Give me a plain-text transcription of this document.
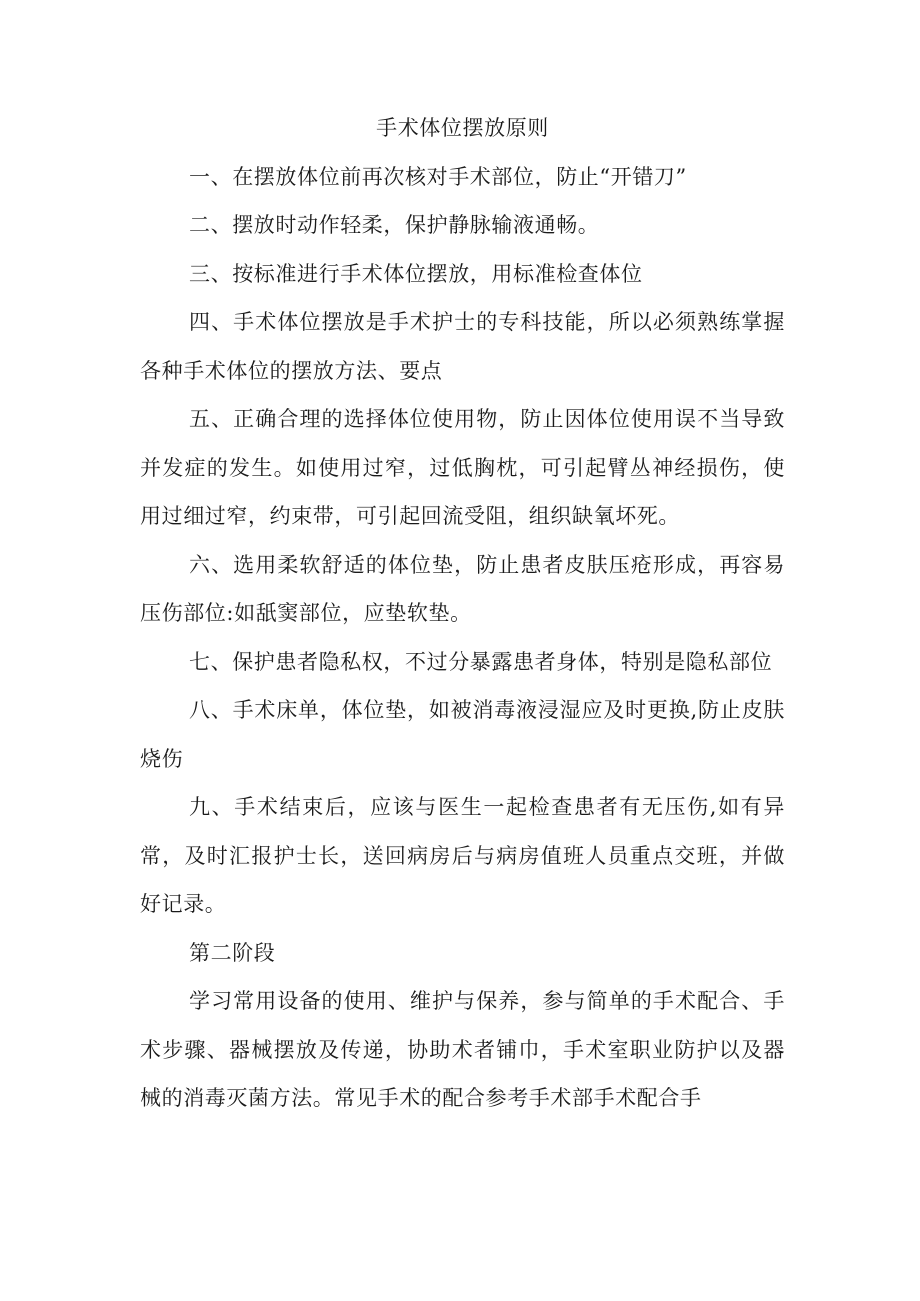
手术体位摆放原则

一、在摆放体位前再次核对手术部位，防止“开错刀”

二、摆放时动作轻柔，保护静脉输液通畅。

三、按标准进行手术体位摆放，用标准检查体位

四、手术体位摆放是手术护士的专科技能，所以必须熟练掌握各种手术体位的摆放方法、要点

五、正确合理的选择体位使用物，防止因体位使用误不当导致并发症的发生。如使用过窄，过低胸枕，可引起臂丛神经损伤，使用过细过窄，约束带，可引起回流受阻，组织缺氧坏死。

六、选用柔软舒适的体位垫，防止患者皮肤压疮形成，再容易压伤部位:如舐窦部位，应垫软垫。

七、保护患者隐私权，不过分暴露患者身体，特别是隐私部位

八、手术床单，体位垫，如被消毒液浸湿应及时更换,防止皮肤烧伤

九、手术结束后，应该与医生一起检查患者有无压伤,如有异常，及时汇报护士长，送回病房后与病房值班人员重点交班，并做好记录。

第二阶段

学习常用设备的使用、维护与保养，参与简单的手术配合、手术步骤、器械摆放及传递，协助术者铺巾，手术室职业防护以及器械的消毒灭菌方法。常见手术的配合参考手术部手术配合手
